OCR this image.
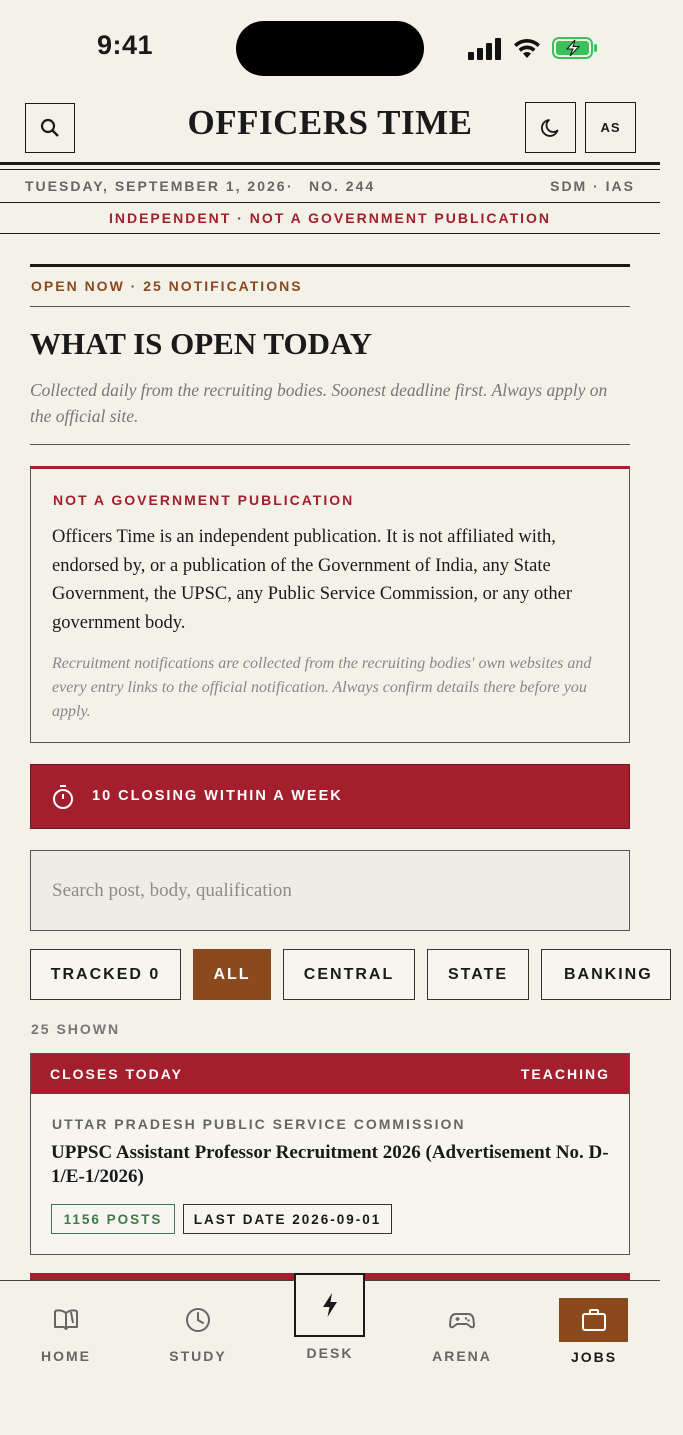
9:41
OFFICERS TIME	AS
TUESDAY, SEPTEMBER 1, 2026 · NO. 244	SDM · IAS
INDEPENDENT · NOT A GOVERNMENT PUBLICATION
OPEN NOW · 25 NOTIFICATIONS
WHAT IS OPEN TODAY
Collected daily from the recruiting bodies. Soonest deadline first. Always apply on the official site.
NOT A GOVERNMENT PUBLICATION
Officers Time is an independent publication. It is not affiliated with, endorsed by, or a publication of the Government of India, any State Government, the UPSC, any Public Service Commission, or any other government body.
Recruitment notifications are collected from the recruiting bodies' own websites and every entry links to the official notification. Always confirm details there before you apply.
10 CLOSING WITHIN A WEEK
Search post, body, qualification
TRACKED 0	ALL	CENTRAL	STATE	BANKING
25 SHOWN
CLOSES TODAY	TEACHING
UTTAR PRADESH PUBLIC SERVICE COMMISSION
UPPSC Assistant Professor Recruitment 2026 (Advertisement No. D-1/E-1/2026)
1156 POSTS	LAST DATE 2026-09-01
HOME	STUDY	DESK	ARENA	JOBS
